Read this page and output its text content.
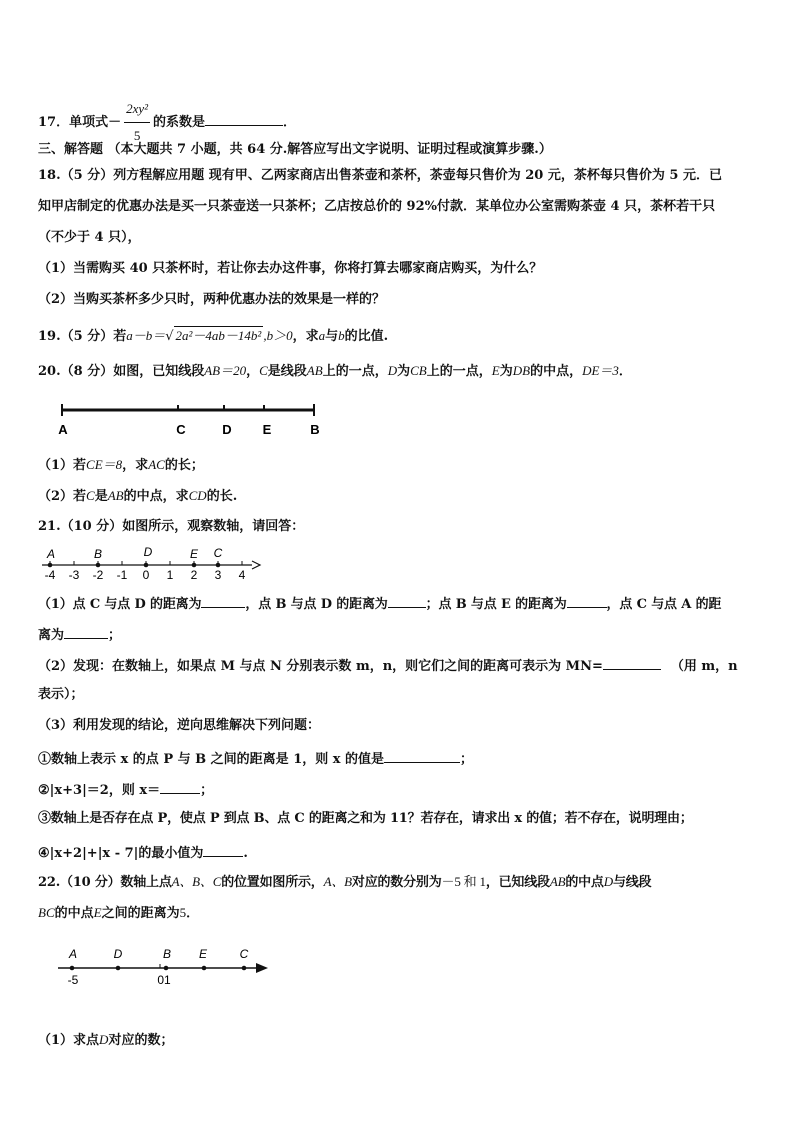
17．单项式－ $\frac{\text{2xy²}}{5}$ 的系数是	．
三、解答题 （本大题共 7 小题，共 64 分.解答应写出文字说明、证明过程或演算步骤.）
18.（5 分）列方程解应用题 现有甲、乙两家商店出售茶壶和茶杯，茶壶每只售价为 20 元，茶杯每只售价为 5 元．已
知甲店制定的优惠办法是买一只茶壶送一只茶杯；乙店按总价的 92%付款．某单位办公室需购茶壶 4 只，茶杯若干只
（不少于 4 只），
（1）当需购买 40 只茶杯时，若让你去办这件事，你将打算去哪家商店购买，为什么？
（2）当购买茶杯多少只时，两种优惠办法的效果是一样的？
19.（5 分）若a－b＝√ 2a²－4ab－14b² ,b＞0，求a与b的比值.
20.（8 分）如图，已知线段AB＝20，C是线段AB上的一点，D为CB上的一点，E为DB的中点，DE＝3．
A	C	D E	B
（1）若CE＝8，求AC的长；
（2）若C是AB的中点，求CD的长.
21.（10 分）如图所示，观察数轴，请回答：
A	B	D	E C
-4 -3 -2 -1 0 1 2 3 4
（1）点 C 与点 D 的距离为	，点 B 与点 D 的距离为	；点 B 与点 E 的距离为	，点 C 与点 A 的距
离为	；
（2）发现：在数轴上，如果点 M 与点 N 分别表示数 m，n，则它们之间的距离可表示为 MN=	（用 m，n
表示）；
（3）利用发现的结论，逆向思维解决下列问题：
①数轴上表示 x 的点 P 与 B 之间的距离是 1，则 x 的值是	；
②|x+3|＝2，则 x＝	；
③数轴上是否存在点 P，使点 P 到点 B、点 C 的距离之和为 11？若存在，请求出 x 的值；若不存在，说明理由；
④|x+2|+|x - 7|的最小值为	.
22.（10 分）数轴上点A、B、C的位置如图所示，A、B对应的数分别为－5 和 1，已知线段AB的中点D与线段
BC的中点E之间的距离为5．
A	D	B E	C
-5	01
（1）求点D对应的数；
